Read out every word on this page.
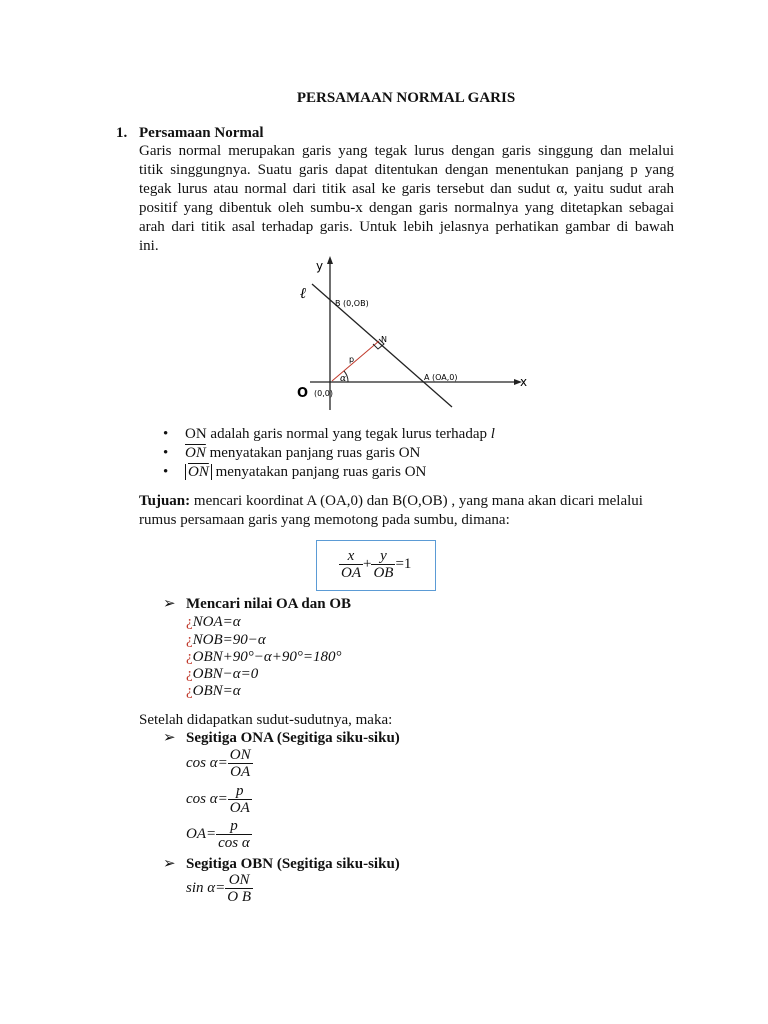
PERSAMAAN NORMAL GARIS
1. Persamaan Normal
Garis normal merupakan garis yang tegak lurus dengan garis singgung dan melalui
titik singgungnya. Suatu garis dapat ditentukan dengan menentukan panjang p yang
tegak lurus atau normal dari titik asal ke garis tersebut dan sudut α, yaitu sudut arah
positif yang dibentuk oleh sumbu-x dengan garis normalnya yang ditetapkan sebagai
arah dari titik asal terhadap garis. Untuk lebih jelasnya perhatikan gambar di bawah
ini.
y
x
ℓ
O (0,0)
B (0,OB)
A (OA,0)
N
p
α
• ON adalah garis normal yang tegak lurus terhadap l
• $\overline{ON}$ menyatakan panjang ruas garis ON
• $\overline{ON}$ menyatakan panjang ruas garis ON
Tujuan: mencari koordinat A (OA,0) dan B(O,OB) , yang mana akan dicari melalui
rumus persamaan garis yang memotong pada sumbu, dimana:
$\frac{x}{OA} + \frac{y}{OB} =1$
➢ Mencari nilai OA dan OB
¿NOA=α
¿NOB=90−α
¿OBN+90°−α+90°=180°
¿OBN−α=0
¿OBN=α
Setelah didapatkan sudut-sudutnya, maka:
➢ Segitiga ONA (Segitiga siku-siku)
$\cos \alpha= \frac{ON}{OA}$
$\cos \alpha= \frac{p}{OA}$
$OA= \frac{p}{\text{cos α}}$
➢ Segitiga OBN (Segitiga siku-siku)
$\sin \alpha= \frac{ON}{\text{O B}}$
